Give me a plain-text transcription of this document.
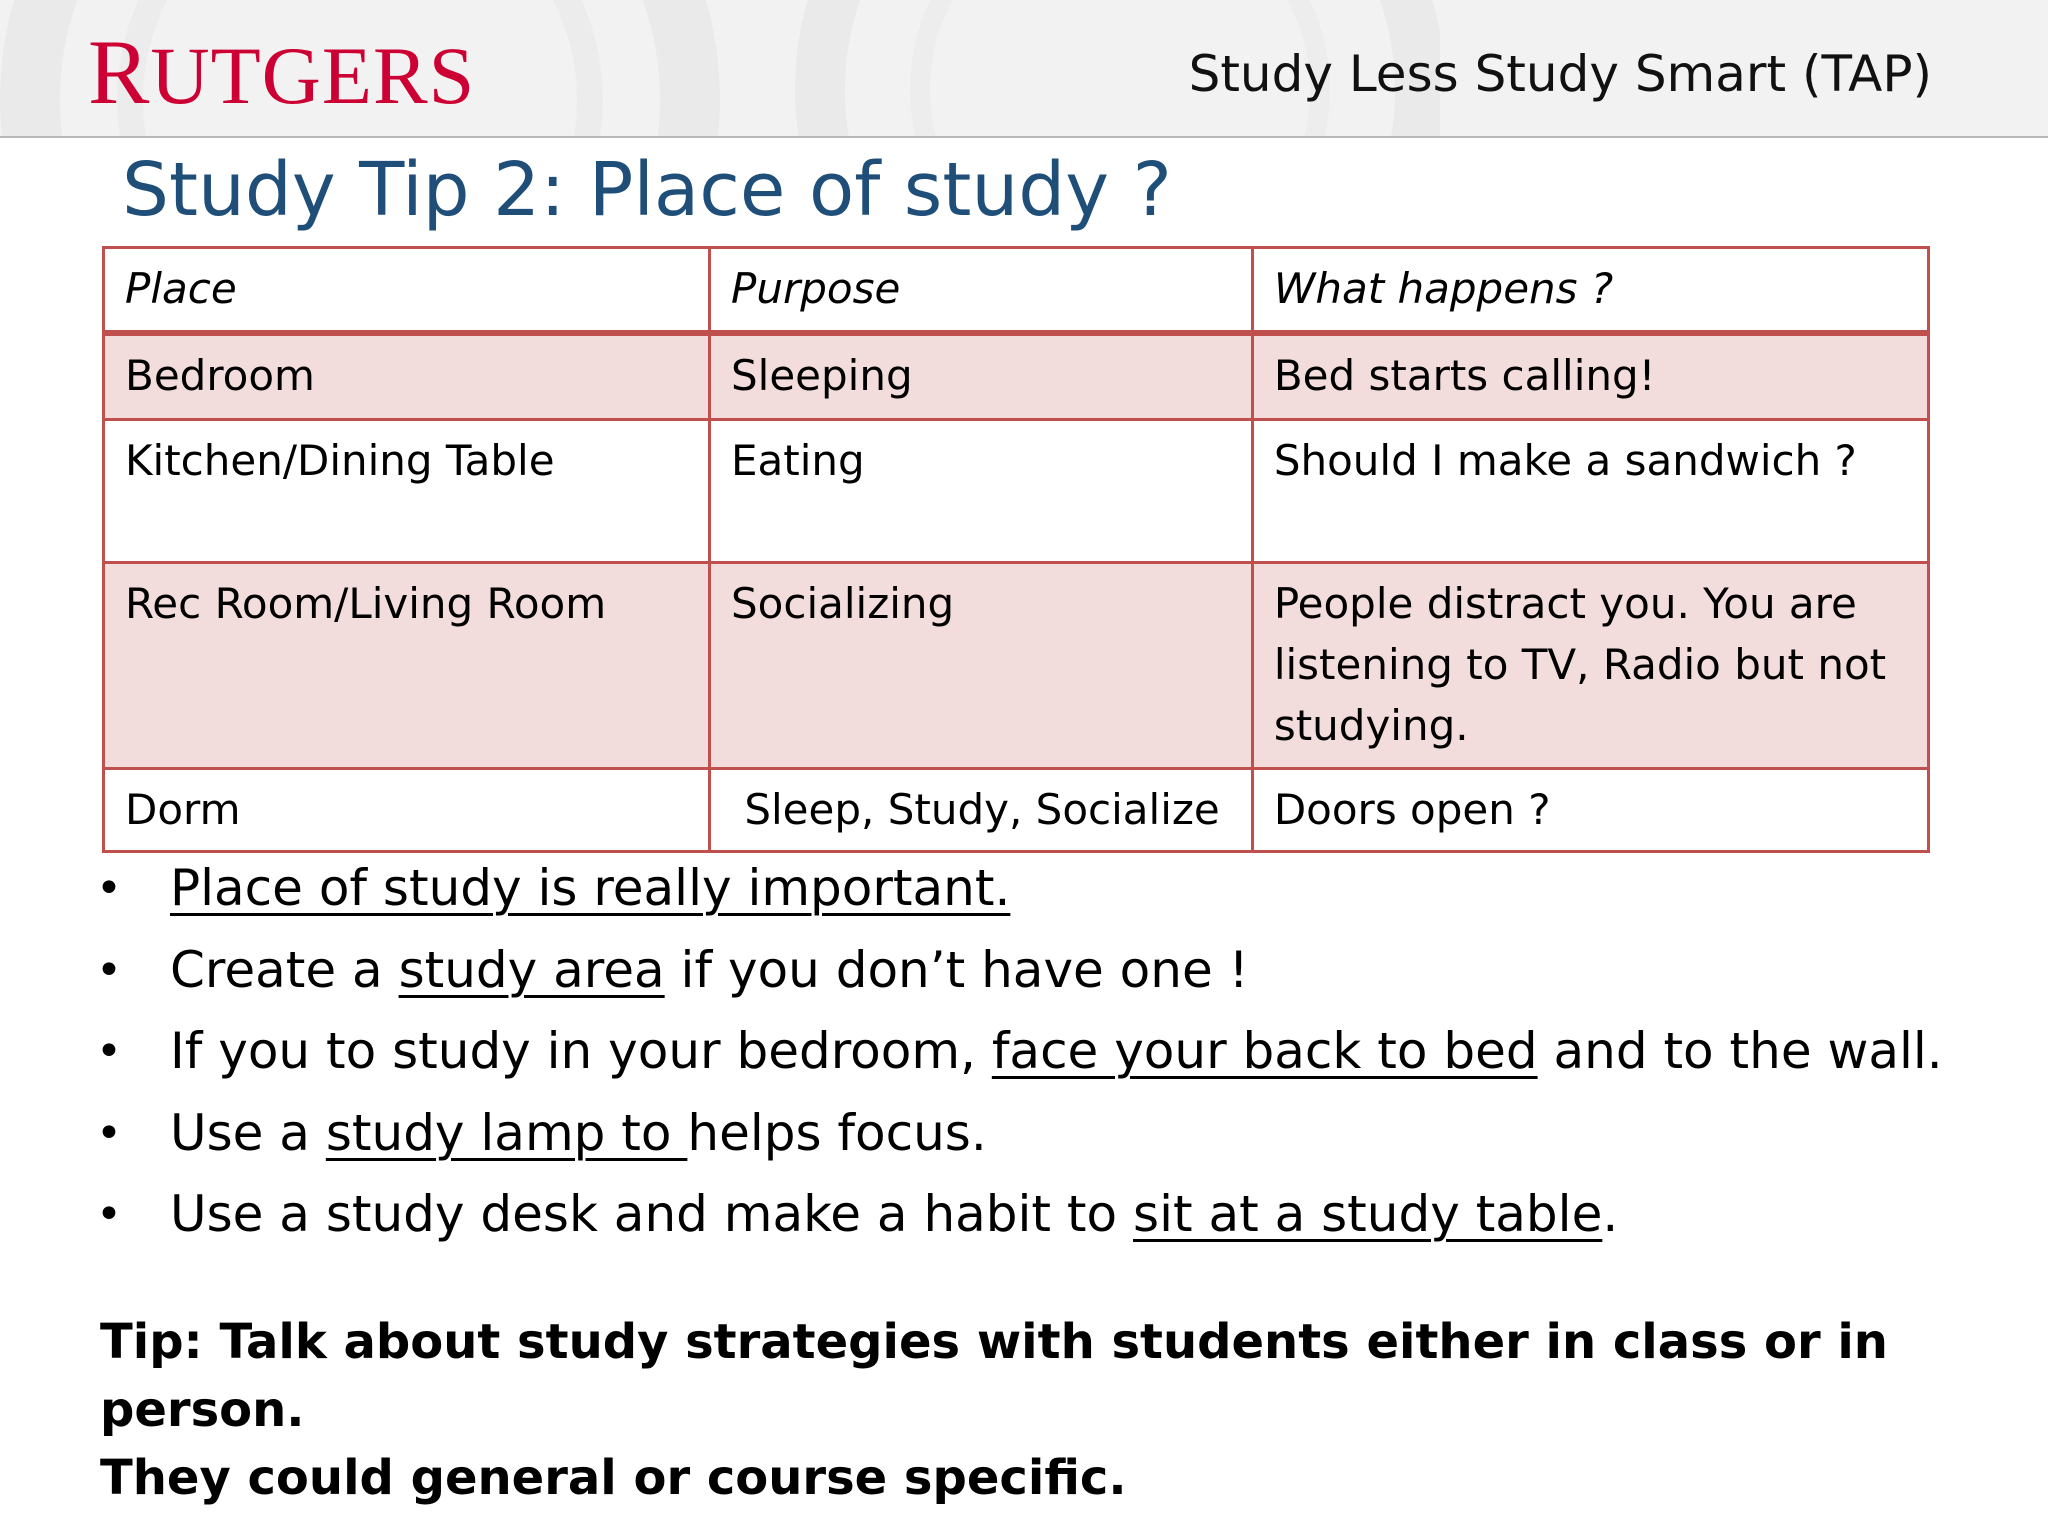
RUTGERS	Study Less Study Smart (TAP)
Study Tip 2: Place of study ?
Place	Purpose	What happens ?
Bedroom	Sleeping	Bed starts calling!
Kitchen/Dining Table	Eating	Should I make a sandwich ?
Rec Room/Living Room	Socializing	People distract you. You are listening to TV, Radio but not studying.
Dorm	Sleep, Study, Socialize	Doors open ?
• Place of study is really important.
• Create a study area if you don’t have one !
• If you to study in your bedroom, face your back to bed and to the wall.
• Use a study lamp to helps focus.
• Use a study desk and make a habit to sit at a study table.
Tip: Talk about study strategies with students either in class or in person.
They could general or course specific.
